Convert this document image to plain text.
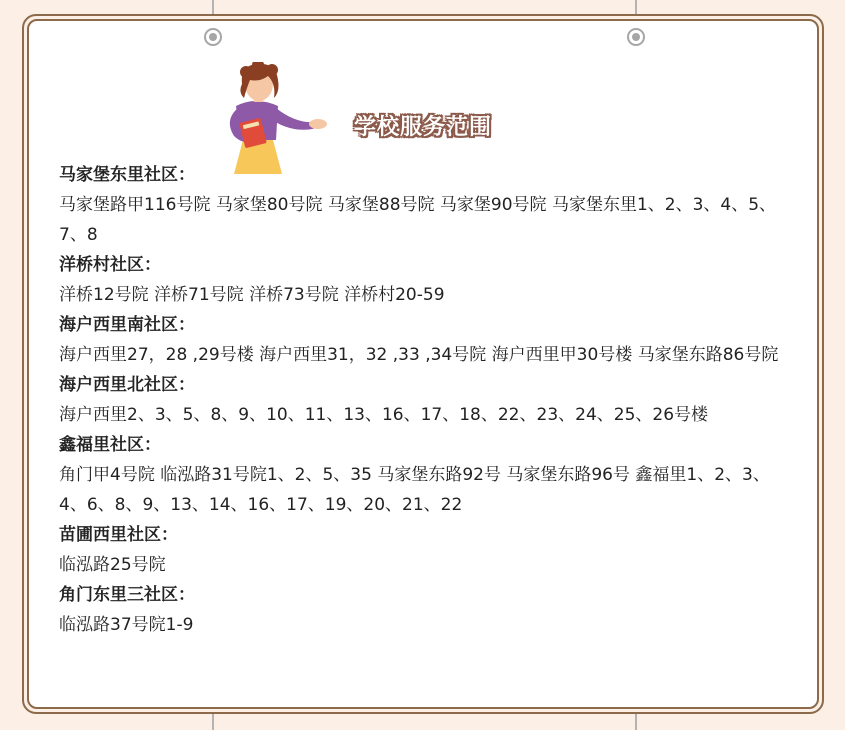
学校服务范围
马家堡东里社区：
马家堡路甲116号院 马家堡80号院 马家堡88号院 马家堡90号院 马家堡东里1、2、3、4、5、7、8
洋桥村社区：
洋桥12号院 洋桥71号院 洋桥73号院 洋桥村20-59
海户西里南社区：
海户西里27，28 ,29号楼 海户西里31，32 ,33 ,34号院 海户西里甲30号楼 马家堡东路86号院
海户西里北社区：
海户西里2、3、5、8、9、10、11、13、16、17、18、22、23、24、25、26号楼
鑫福里社区：
角门甲4号院 临泓路31号院1、2、5、35 马家堡东路92号 马家堡东路96号 鑫福里1、2、3、4、6、8、9、13、14、16、17、19、20、21、22
苗圃西里社区：
临泓路25号院
角门东里三社区：
临泓路37号院1-9
